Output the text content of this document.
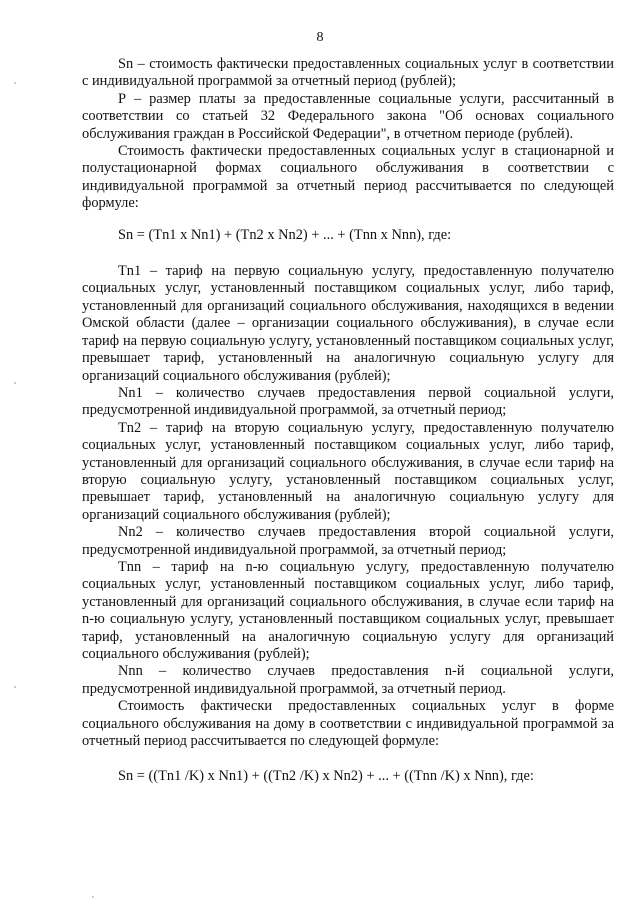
8

Sn – стоимость фактически предоставленных социальных услуг в соответствии с индивидуальной программой за отчетный период (рублей);

Р – размер платы за предоставленные социальные услуги, рассчитанный в соответствии со статьей 32 Федерального закона "Об основах социального обслуживания граждан в Российской Федерации", в отчетном периоде (рублей).

Стоимость фактически предоставленных социальных услуг в стационарной и полустационарной формах социального обслуживания в соответствии с индивидуальной программой за отчетный период рассчитывается по следующей формуле:

Sn = (Tn1 x Nn1) + (Tn2 x Nn2) + ... + (Tnn x Nnn), где:

Tn1 – тариф на первую социальную услугу, предоставленную получателю социальных услуг, установленный поставщиком социальных услуг, либо тариф, установленный для организаций социального обслуживания, находящихся в ведении Омской области (далее – организации социального обслуживания), в случае если тариф на первую социальную услугу, установленный поставщиком социальных услуг, превышает тариф, установленный на аналогичную социальную услугу для организаций социального обслуживания (рублей);

Nn1 – количество случаев предоставления первой социальной услуги, предусмотренной индивидуальной программой, за отчетный период;

Tn2 – тариф на вторую социальную услугу, предоставленную получателю социальных услуг, установленный поставщиком социальных услуг, либо тариф, установленный для организаций социального обслуживания, в случае если тариф на вторую социальную услугу, установленный поставщиком социальных услуг, превышает тариф, установленный на аналогичную социальную услугу для организаций социального обслуживания (рублей);

Nn2 – количество случаев предоставления второй социальной услуги, предусмотренной индивидуальной программой, за отчетный период;

Tnn – тариф на n-ю социальную услугу, предоставленную получателю социальных услуг, установленный поставщиком социальных услуг, либо тариф, установленный для организаций социального обслуживания, в случае если тариф на n-ю социальную услугу, установленный поставщиком социальных услуг, превышает тариф, установленный на аналогичную социальную услугу для организаций социального обслуживания (рублей);

Nnn – количество случаев предоставления n-й социальной услуги, предусмотренной индивидуальной программой, за отчетный период.

Стоимость фактически предоставленных социальных услуг в форме социального обслуживания на дому в соответствии с индивидуальной программой за отчетный период рассчитывается по следующей формуле:

Sn = ((Tn1 /K) x Nn1) + ((Tn2 /K) x Nn2) + ... + ((Tnn /K) x Nnn), где:
